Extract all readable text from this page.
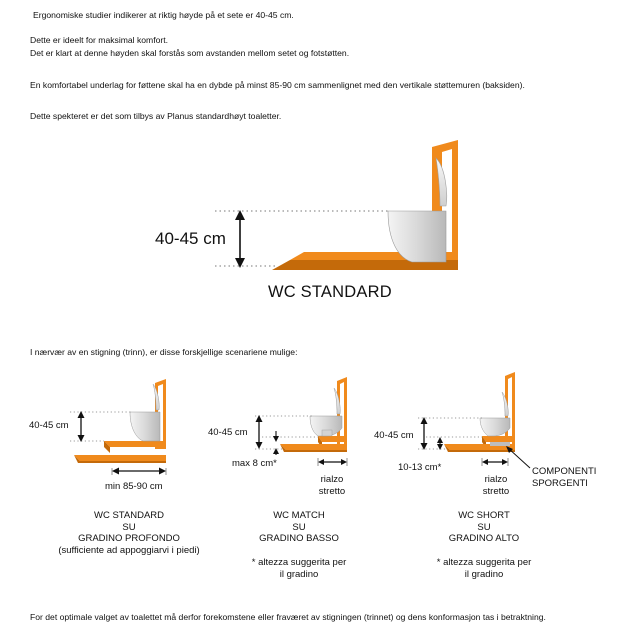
Ergonomiske studier indikerer at riktig høyde på et sete er 40-45 cm.
Dette er ideelt for maksimal komfort.
Det er klart at denne høyden skal forstås som avstanden mellom setet og fotstøtten.
En komfortabel underlag for føttene skal ha en dybde på minst 85-90 cm sammenlignet med den vertikale støttemuren (baksiden).
Dette spekteret er det som tilbys av Planus standardhøyt toaletter.
40-45 cm
WC STANDARD
I nærvær av en stigning (trinn), er disse forskjellige scenariene mulige:
40-45 cm
min 85-90 cm
WC STANDARD
SU
GRADINO PROFONDO
(sufficiente ad appoggiarvi i piedi)
40-45 cm
max 8 cm*
rialzo
stretto
WC MATCH
SU
GRADINO BASSO
* altezza suggerita per
il gradino
40-45 cm
10-13 cm*
rialzo
stretto
COMPONENTI
SPORGENTI
WC SHORT
SU
GRADINO ALTO
* altezza suggerita per
il gradino
For det optimale valget av toalettet må derfor forekomstene eller fraværet av stigningen (trinnet) og dens konformasjon tas i betraktning.
